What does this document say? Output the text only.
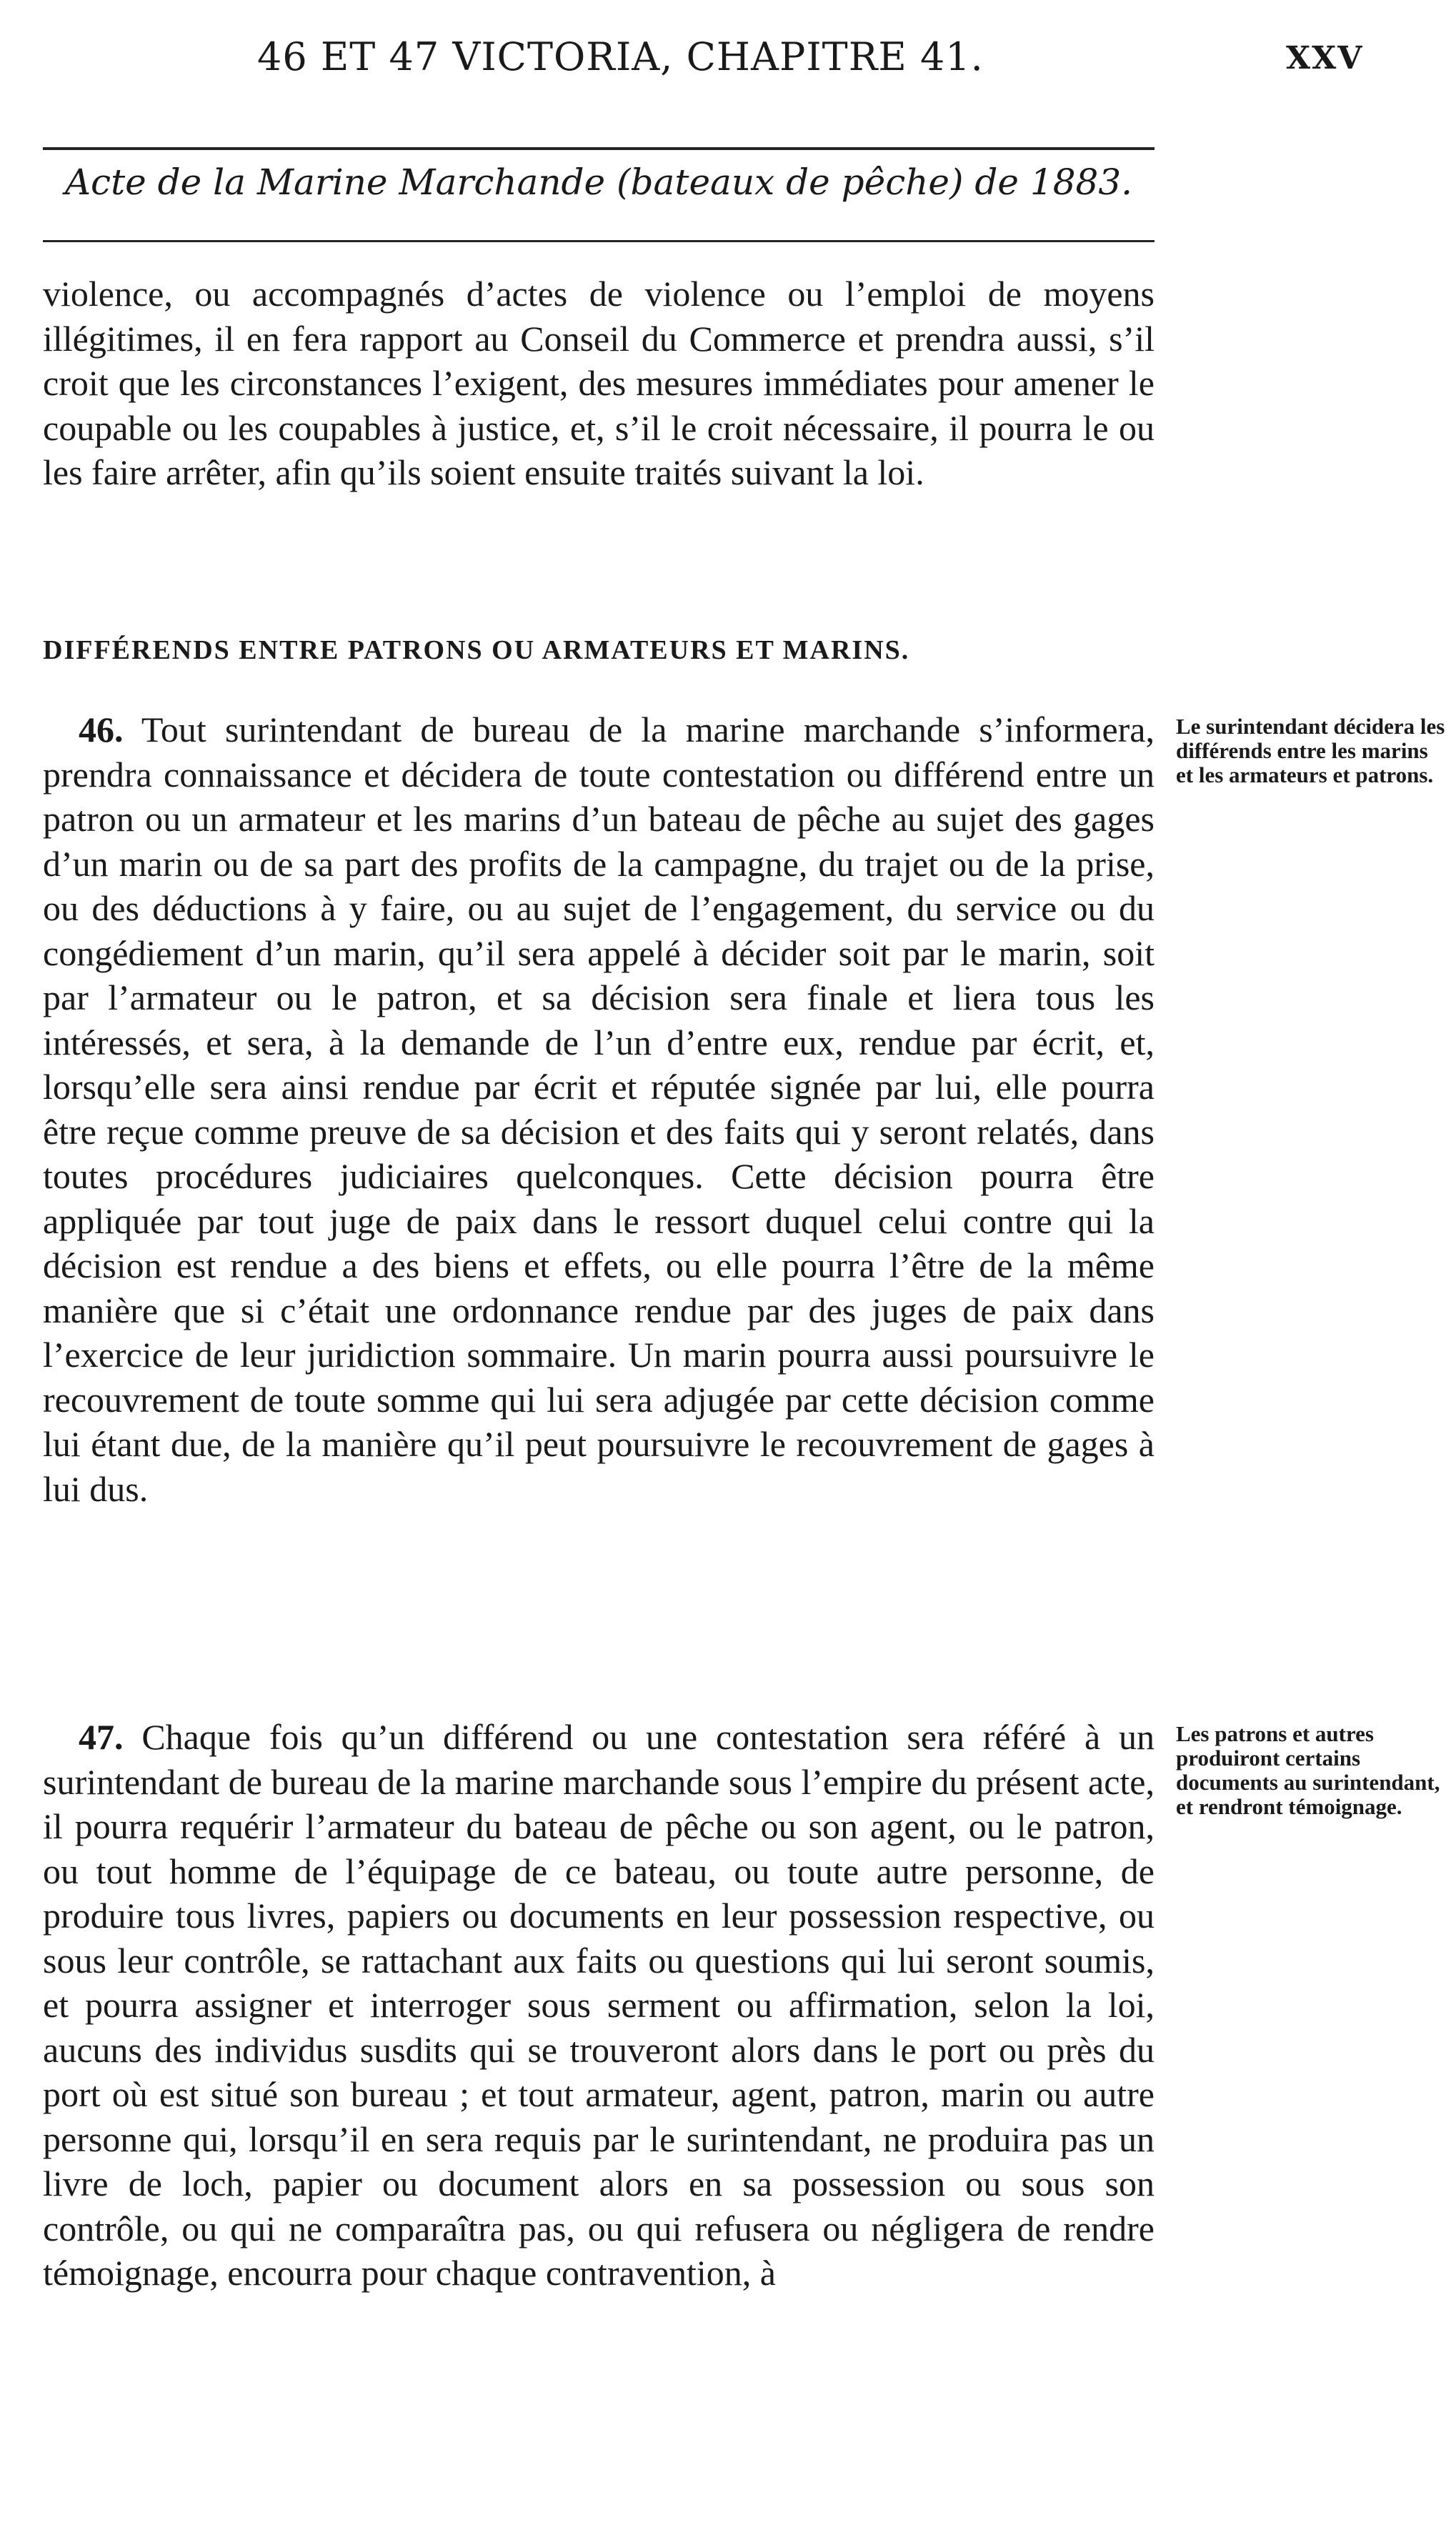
46 ET 47 VICTORIA, CHAPITRE 41.	XXV
Acte de la Marine Marchande (bateaux de pêche) de 1883.

violence, ou accompagnés d’actes de violence ou l’emploi de moyens illégitimes, il en fera rapport au Conseil du Commerce et prendra aussi, s’il croit que les circonstances l’exigent, des mesures immédiates pour amener le coupable ou les coupables à justice, et, s’il le croit nécessaire, il pourra le ou les faire arrêter, afin qu’ils soient ensuite traités suivant la loi.

DIFFÉRENDS ENTRE PATRONS OU ARMATEURS ET MARINS.

46. Tout surintendant de bureau de la marine marchande s’informera, prendra connaissance et décidera de toute contestation ou différend entre un patron ou un armateur et les marins d’un bateau de pêche au sujet des gages d’un marin ou de sa part des profits de la campagne, du trajet ou de la prise, ou des déductions à y faire, ou au sujet de l’engagement, du service ou du congédiement d’un marin, qu’il sera appelé à décider soit par le marin, soit par l’armateur ou le patron, et sa décision sera finale et liera tous les intéressés, et sera, à la demande de l’un d’entre eux, rendue par écrit, et, lorsqu’elle sera ainsi rendue par écrit et réputée signée par lui, elle pourra être reçue comme preuve de sa décision et des faits qui y seront relatés, dans toutes procédures judiciaires quelconques. Cette décision pourra être appliquée par tout juge de paix dans le ressort duquel celui contre qui la décision est rendue a des biens et effets, ou elle pourra l’être de la même manière que si c’était une ordonnance rendue par des juges de paix dans l’exercice de leur juridiction sommaire. Un marin pourra aussi poursuivre le recouvrement de toute somme qui lui sera adjugée par cette décision comme lui étant due, de la manière qu’il peut poursuivre le recouvrement de gages à lui dus.

Le surintendant décidera les différends entre les marins et les armateurs et patrons.

47. Chaque fois qu’un différend ou une contestation sera référé à un surintendant de bureau de la marine marchande sous l’empire du présent acte, il pourra requérir l’armateur du bateau de pêche ou son agent, ou le patron, ou tout homme de l’équipage de ce bateau, ou toute autre personne, de produire tous livres, papiers ou documents en leur possession respective, ou sous leur contrôle, se rattachant aux faits ou questions qui lui seront soumis, et pourra assigner et interroger sous serment ou affirmation, selon la loi, aucuns des individus susdits qui se trouveront alors dans le port ou près du port où est situé son bureau ; et tout armateur, agent, patron, marin ou autre personne qui, lorsqu’il en sera requis par le surintendant, ne produira pas un livre de loch, papier ou document alors en sa possession ou sous son contrôle, ou qui ne comparaîtra pas, ou qui refusera ou négligera de rendre témoignage, encourra pour chaque contravention, à

Les patrons et autres produiront certains documents au surintendant, et rendront témoignage.
